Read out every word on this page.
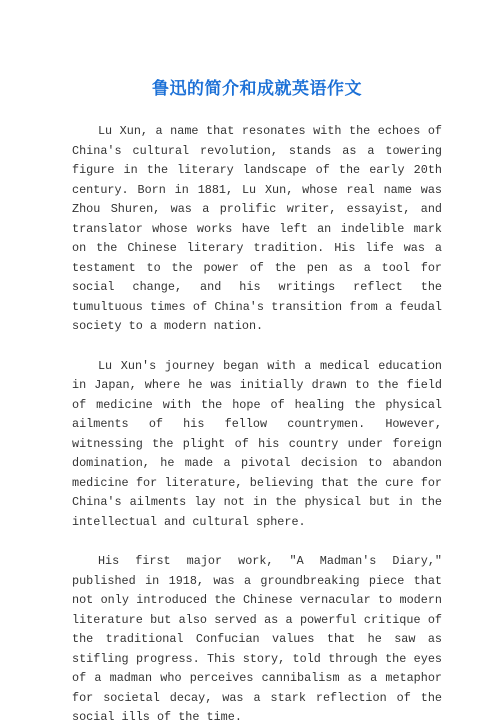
鲁迅的简介和成就英语作文

Lu Xun, a name that resonates with the echoes of China's cultural revolution, stands as a towering figure in the literary landscape of the early 20th century. Born in 1881, Lu Xun, whose real name was Zhou Shuren, was a prolific writer, essayist, and translator whose works have left an indelible mark on the Chinese literary tradition. His life was a testament to the power of the pen as a tool for social change, and his writings reflect the tumultuous times of China's transition from a feudal society to a modern nation.

Lu Xun's journey began with a medical education in Japan, where he was initially drawn to the field of medicine with the hope of healing the physical ailments of his fellow countrymen. However, witnessing the plight of his country under foreign domination, he made a pivotal decision to abandon medicine for literature, believing that the cure for China's ailments lay not in the physical but in the intellectual and cultural sphere.

His first major work, "A Madman's Diary," published in 1918, was a groundbreaking piece that not only introduced the Chinese vernacular to modern literature but also served as a powerful critique of the traditional Confucian values that he saw as stifling progress. This story, told through the eyes of a madman who perceives cannibalism as a metaphor for societal decay, was a stark reflection of the social ills of the time.
